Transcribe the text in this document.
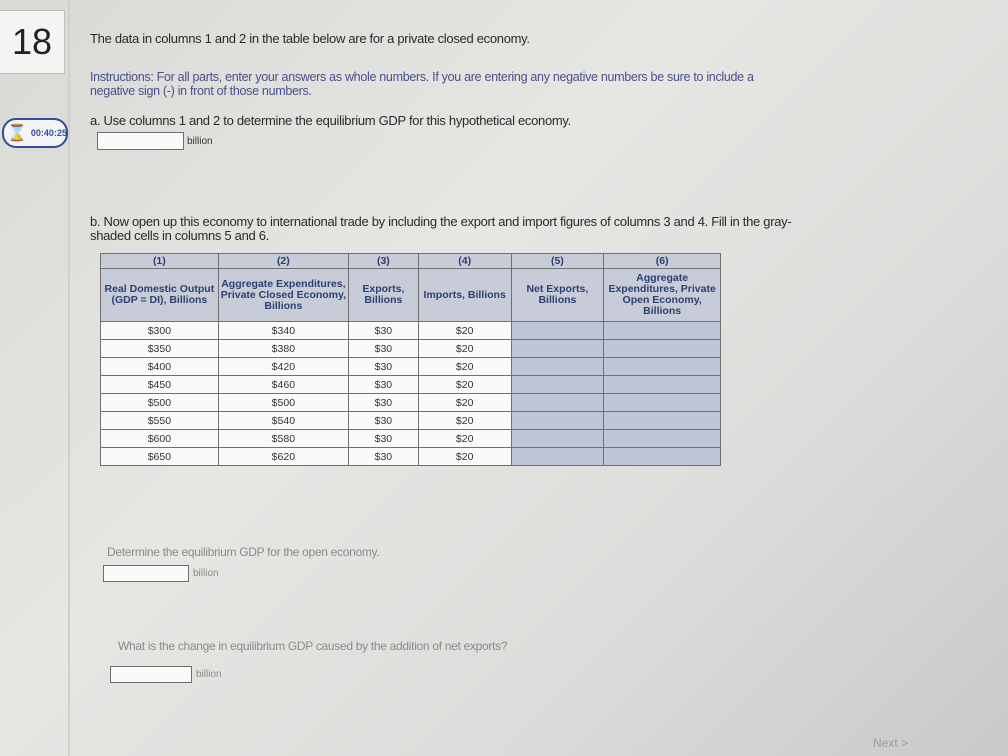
18
⌛ 00:40:25
The data in columns 1 and 2 in the table below are for a private closed economy.
Instructions: For all parts, enter your answers as whole numbers. If you are entering any negative numbers be sure to include a
negative sign (-) in front of those numbers.
a. Use columns 1 and 2 to determine the equilibrium GDP for this hypothetical economy.
billion
b. Now open up this economy to international trade by including the export and import figures of columns 3 and 4. Fill in the gray-
shaded cells in columns 5 and 6.
(1)	(2)	(3)	(4)	(5)	(6)
Real Domestic Output (GDP = DI), Billions	Aggregate Expenditures, Private Closed Economy, Billions	Exports, Billions	Imports, Billions	Net Exports, Billions	Aggregate Expenditures, Private Open Economy, Billions
$300	$340	$30	$20		
$350	$380	$30	$20		
$400	$420	$30	$20		
$450	$460	$30	$20		
$500	$500	$30	$20		
$550	$540	$30	$20		
$600	$580	$30	$20		
$650	$620	$30	$20		
Determine the equilibrium GDP for the open economy.
billion
What is the change in equilibrium GDP caused by the addition of net exports?
billion
Next >
